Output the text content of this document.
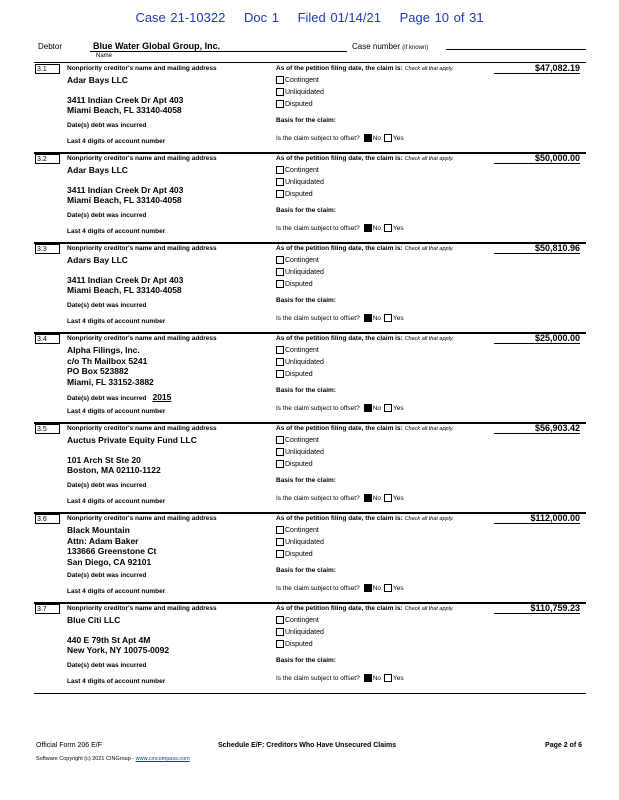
Case 21-10322 Doc 1 Filed 01/14/21 Page 10 of 31
Debtor	Blue Water Global Group, Inc.
Name
Case number (if known)
3.1	Nonpriority creditor's name and mailing address
Adar Bays LLC
3411 Indian Creek Dr Apt 403
Miami Beach, FL 33140-4058
Date(s) debt was incurred
Last 4 digits of account number
As of the petition filing date, the claim is: Check all that apply.	$47,082.19
Contingent
Unliquidated
Disputed
Basis for the claim:
Is the claim subject to offset? No Yes
3.2	Nonpriority creditor's name and mailing address
Adar Bays LLC
3411 Indian Creek Dr Apt 403
Miami Beach, FL 33140-4058
Date(s) debt was incurred
Last 4 digits of account number
As of the petition filing date, the claim is: Check all that apply.	$50,000.00
Contingent
Unliquidated
Disputed
Basis for the claim:
Is the claim subject to offset? No Yes
3.3	Nonpriority creditor's name and mailing address
Adars Bay LLC
3411 Indian Creek Dr Apt 403
Miami Beach, FL 33140-4058
Date(s) debt was incurred
Last 4 digits of account number
As of the petition filing date, the claim is: Check all that apply.	$50,810.96
Contingent
Unliquidated
Disputed
Basis for the claim:
Is the claim subject to offset? No Yes
3.4	Nonpriority creditor's name and mailing address
Alpha Filings, Inc.
c/o Th Mailbox 5241
PO Box 523882
Miami, FL 33152-3882
Date(s) debt was incurred 2015
Last 4 digits of account number
As of the petition filing date, the claim is: Check all that apply.	$25,000.00
Contingent
Unliquidated
Disputed
Basis for the claim:
Is the claim subject to offset? No Yes
3.5	Nonpriority creditor's name and mailing address
Auctus Private Equity Fund LLC
101 Arch St Ste 20
Boston, MA 02110-1122
Date(s) debt was incurred
Last 4 digits of account number
As of the petition filing date, the claim is: Check all that apply.	$56,903.42
Contingent
Unliquidated
Disputed
Basis for the claim:
Is the claim subject to offset? No Yes
3.6	Nonpriority creditor's name and mailing address
Black Mountain
Attn: Adam Baker
133666 Greenstone Ct
San Diego, CA 92101
Date(s) debt was incurred
Last 4 digits of account number
As of the petition filing date, the claim is: Check all that apply.	$112,000.00
Contingent
Unliquidated
Disputed
Basis for the claim:
Is the claim subject to offset? No Yes
3.7	Nonpriority creditor's name and mailing address
Blue Citi LLC
440 E 79th St Apt 4M
New York, NY 10075-0092
Date(s) debt was incurred
Last 4 digits of account number
As of the petition filing date, the claim is: Check all that apply.	$110,759.23
Contingent
Unliquidated
Disputed
Basis for the claim:
Is the claim subject to offset? No Yes
Official Form 206 E/F	Schedule E/F: Creditors Who Have Unsecured Claims	Page 2 of 6
Software Copyright (c) 2021 CINGroup - www.cincompass.com
